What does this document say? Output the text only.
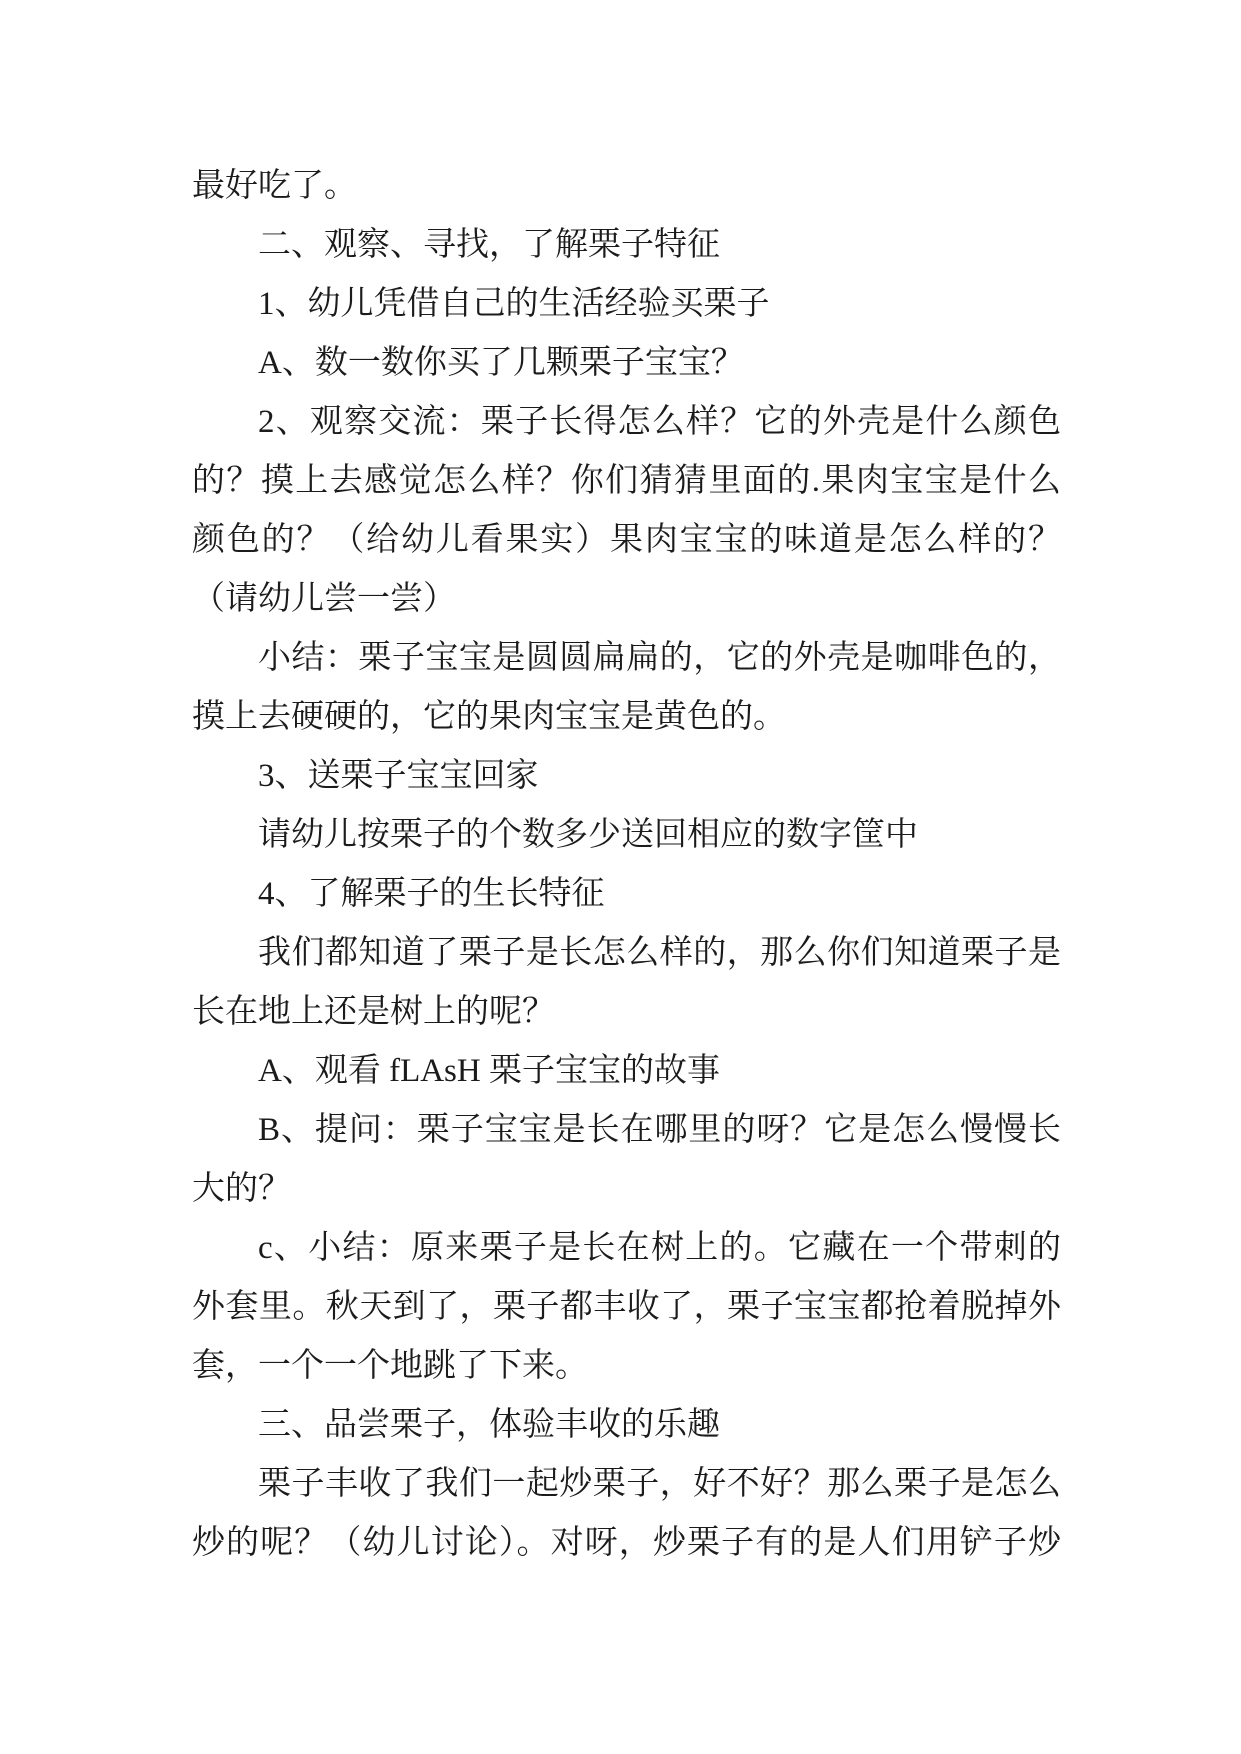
最好吃了。
二、观察、寻找，了解栗子特征
1、幼儿凭借自己的生活经验买栗子
A、数一数你买了几颗栗子宝宝？
2、观察交流：栗子长得怎么样？它的外壳是什么颜色
的？摸上去感觉怎么样？你们猜猜里面的.果肉宝宝是什么
颜色的？（给幼儿看果实）果肉宝宝的味道是怎么样的？
（请幼儿尝一尝）
小结：栗子宝宝是圆圆扁扁的，它的外壳是咖啡色的，
摸上去硬硬的，它的果肉宝宝是黄色的。
3、送栗子宝宝回家
请幼儿按栗子的个数多少送回相应的数字筐中
4、了解栗子的生长特征
我们都知道了栗子是长怎么样的，那么你们知道栗子是
长在地上还是树上的呢？
A、观看 fLAsH 栗子宝宝的故事
B、提问：栗子宝宝是长在哪里的呀？它是怎么慢慢长
大的？
c、小结：原来栗子是长在树上的。它藏在一个带刺的
外套里。秋天到了，栗子都丰收了，栗子宝宝都抢着脱掉外
套，一个一个地跳了下来。
三、品尝栗子，体验丰收的乐趣
栗子丰收了我们一起炒栗子，好不好？那么栗子是怎么
炒的呢？（幼儿讨论）。对呀，炒栗子有的是人们用铲子炒
